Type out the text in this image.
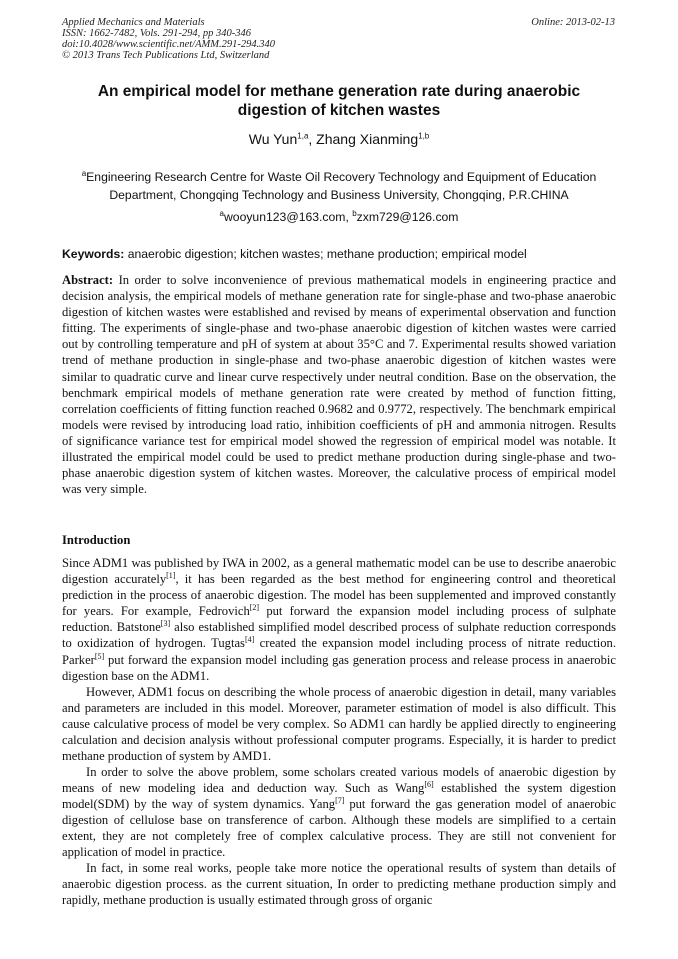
Applied Mechanics and Materials
ISSN: 1662-7482, Vols. 291-294, pp 340-346
doi:10.4028/www.scientific.net/AMM.291-294.340
© 2013 Trans Tech Publications Ltd, Switzerland
Online: 2013-02-13
An empirical model for methane generation rate during anaerobic digestion of kitchen wastes
Wu Yun$^{1,a}$, Zhang Xianming$^{1,b}$
$^a$Engineering Research Centre for Waste Oil Recovery Technology and Equipment of Education Department, Chongqing Technology and Business University, Chongqing, P.R.CHINA
$^a$wooyun123@163.com, $^b$zxm729@126.com
Keywords: anaerobic digestion; kitchen wastes; methane production; empirical model
Abstract: In order to solve inconvenience of previous mathematical models in engineering practice and decision analysis, the empirical models of methane generation rate for single-phase and two-phase anaerobic digestion of kitchen wastes were established and revised by means of experimental observation and function fitting. The experiments of single-phase and two-phase anaerobic digestion of kitchen wastes were carried out by controlling temperature and pH of system at about 35°C and 7. Experimental results showed variation trend of methane production in single-phase and two-phase anaerobic digestion of kitchen wastes were similar to quadratic curve and linear curve respectively under neutral condition. Base on the observation, the benchmark empirical models of methane generation rate were created by method of function fitting, correlation coefficients of fitting function reached 0.9682 and 0.9772, respectively. The benchmark empirical models were revised by introducing load ratio, inhibition coefficients of pH and ammonia nitrogen. Results of significance variance test for empirical model showed the regression of empirical model was notable. It illustrated the empirical model could be used to predict methane production during single-phase and two-phase anaerobic digestion system of kitchen wastes. Moreover, the calculative process of empirical model was very simple.
Introduction
Since ADM1 was published by IWA in 2002, as a general mathematic model can be use to describe anaerobic digestion accurately[1], it has been regarded as the best method for engineering control and theoretical prediction in the process of anaerobic digestion. The model has been supplemented and improved constantly for years. For example, Fedrovich[2] put forward the expansion model including process of sulphate reduction. Batstone[3] also established simplified model described process of sulphate reduction corresponds to oxidization of hydrogen. Tugtas[4] created the expansion model including process of nitrate reduction. Parker[5] put forward the expansion model including gas generation process and release process in anaerobic digestion base on the ADM1.
However, ADM1 focus on describing the whole process of anaerobic digestion in detail, many variables and parameters are included in this model. Moreover, parameter estimation of model is also difficult. This cause calculative process of model be very complex. So ADM1 can hardly be applied directly to engineering calculation and decision analysis without professional computer programs. Especially, it is harder to predict methane production of system by AMD1.
In order to solve the above problem, some scholars created various models of anaerobic digestion by means of new modeling idea and deduction way. Such as Wang[6] established the system digestion model(SDM) by the way of system dynamics. Yang[7] put forward the gas generation model of anaerobic digestion of cellulose base on transference of carbon. Although these models are simplified to a certain extent, they are not completely free of complex calculative process. They are still not convenient for application of model in practice.
In fact, in some real works, people take more notice the operational results of system than details of anaerobic digestion process. as the current situation, In order to predicting methane production simply and rapidly, methane production is usually estimated through gross of organic
